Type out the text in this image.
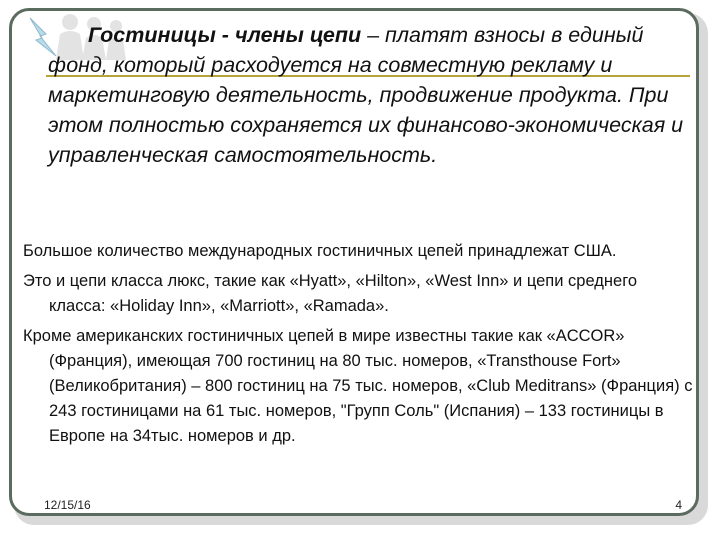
Гостиницы - члены цепи – платят взносы в единый фонд, который расходуется на совместную рекламу и маркетинговую деятельность, продвижение продукта. При этом полностью сохраняется их финансово-экономическая и управленческая самостоятельность.

Большое количество международных гостиничных цепей принадлежат США.

Это и цепи класса люкс, такие как «Hyatt», «Hilton», «West Inn» и цепи среднего класса: «Holiday Inn», «Marriott», «Ramada».

Кроме американских гостиничных цепей в мире известны такие как «ACCOR» (Франция), имеющая 700 гостиниц на 80 тыс. номеров, «Transthouse Fort» (Великобритания) – 800 гостиниц на 75 тыс. номеров, «Club Meditrans» (Франция) с 243 гостиницами на 61 тыс. номеров, "Групп Соль" (Испания) – 133 гостиницы в Европе на 34тыс. номеров и др.

12/15/16	4
